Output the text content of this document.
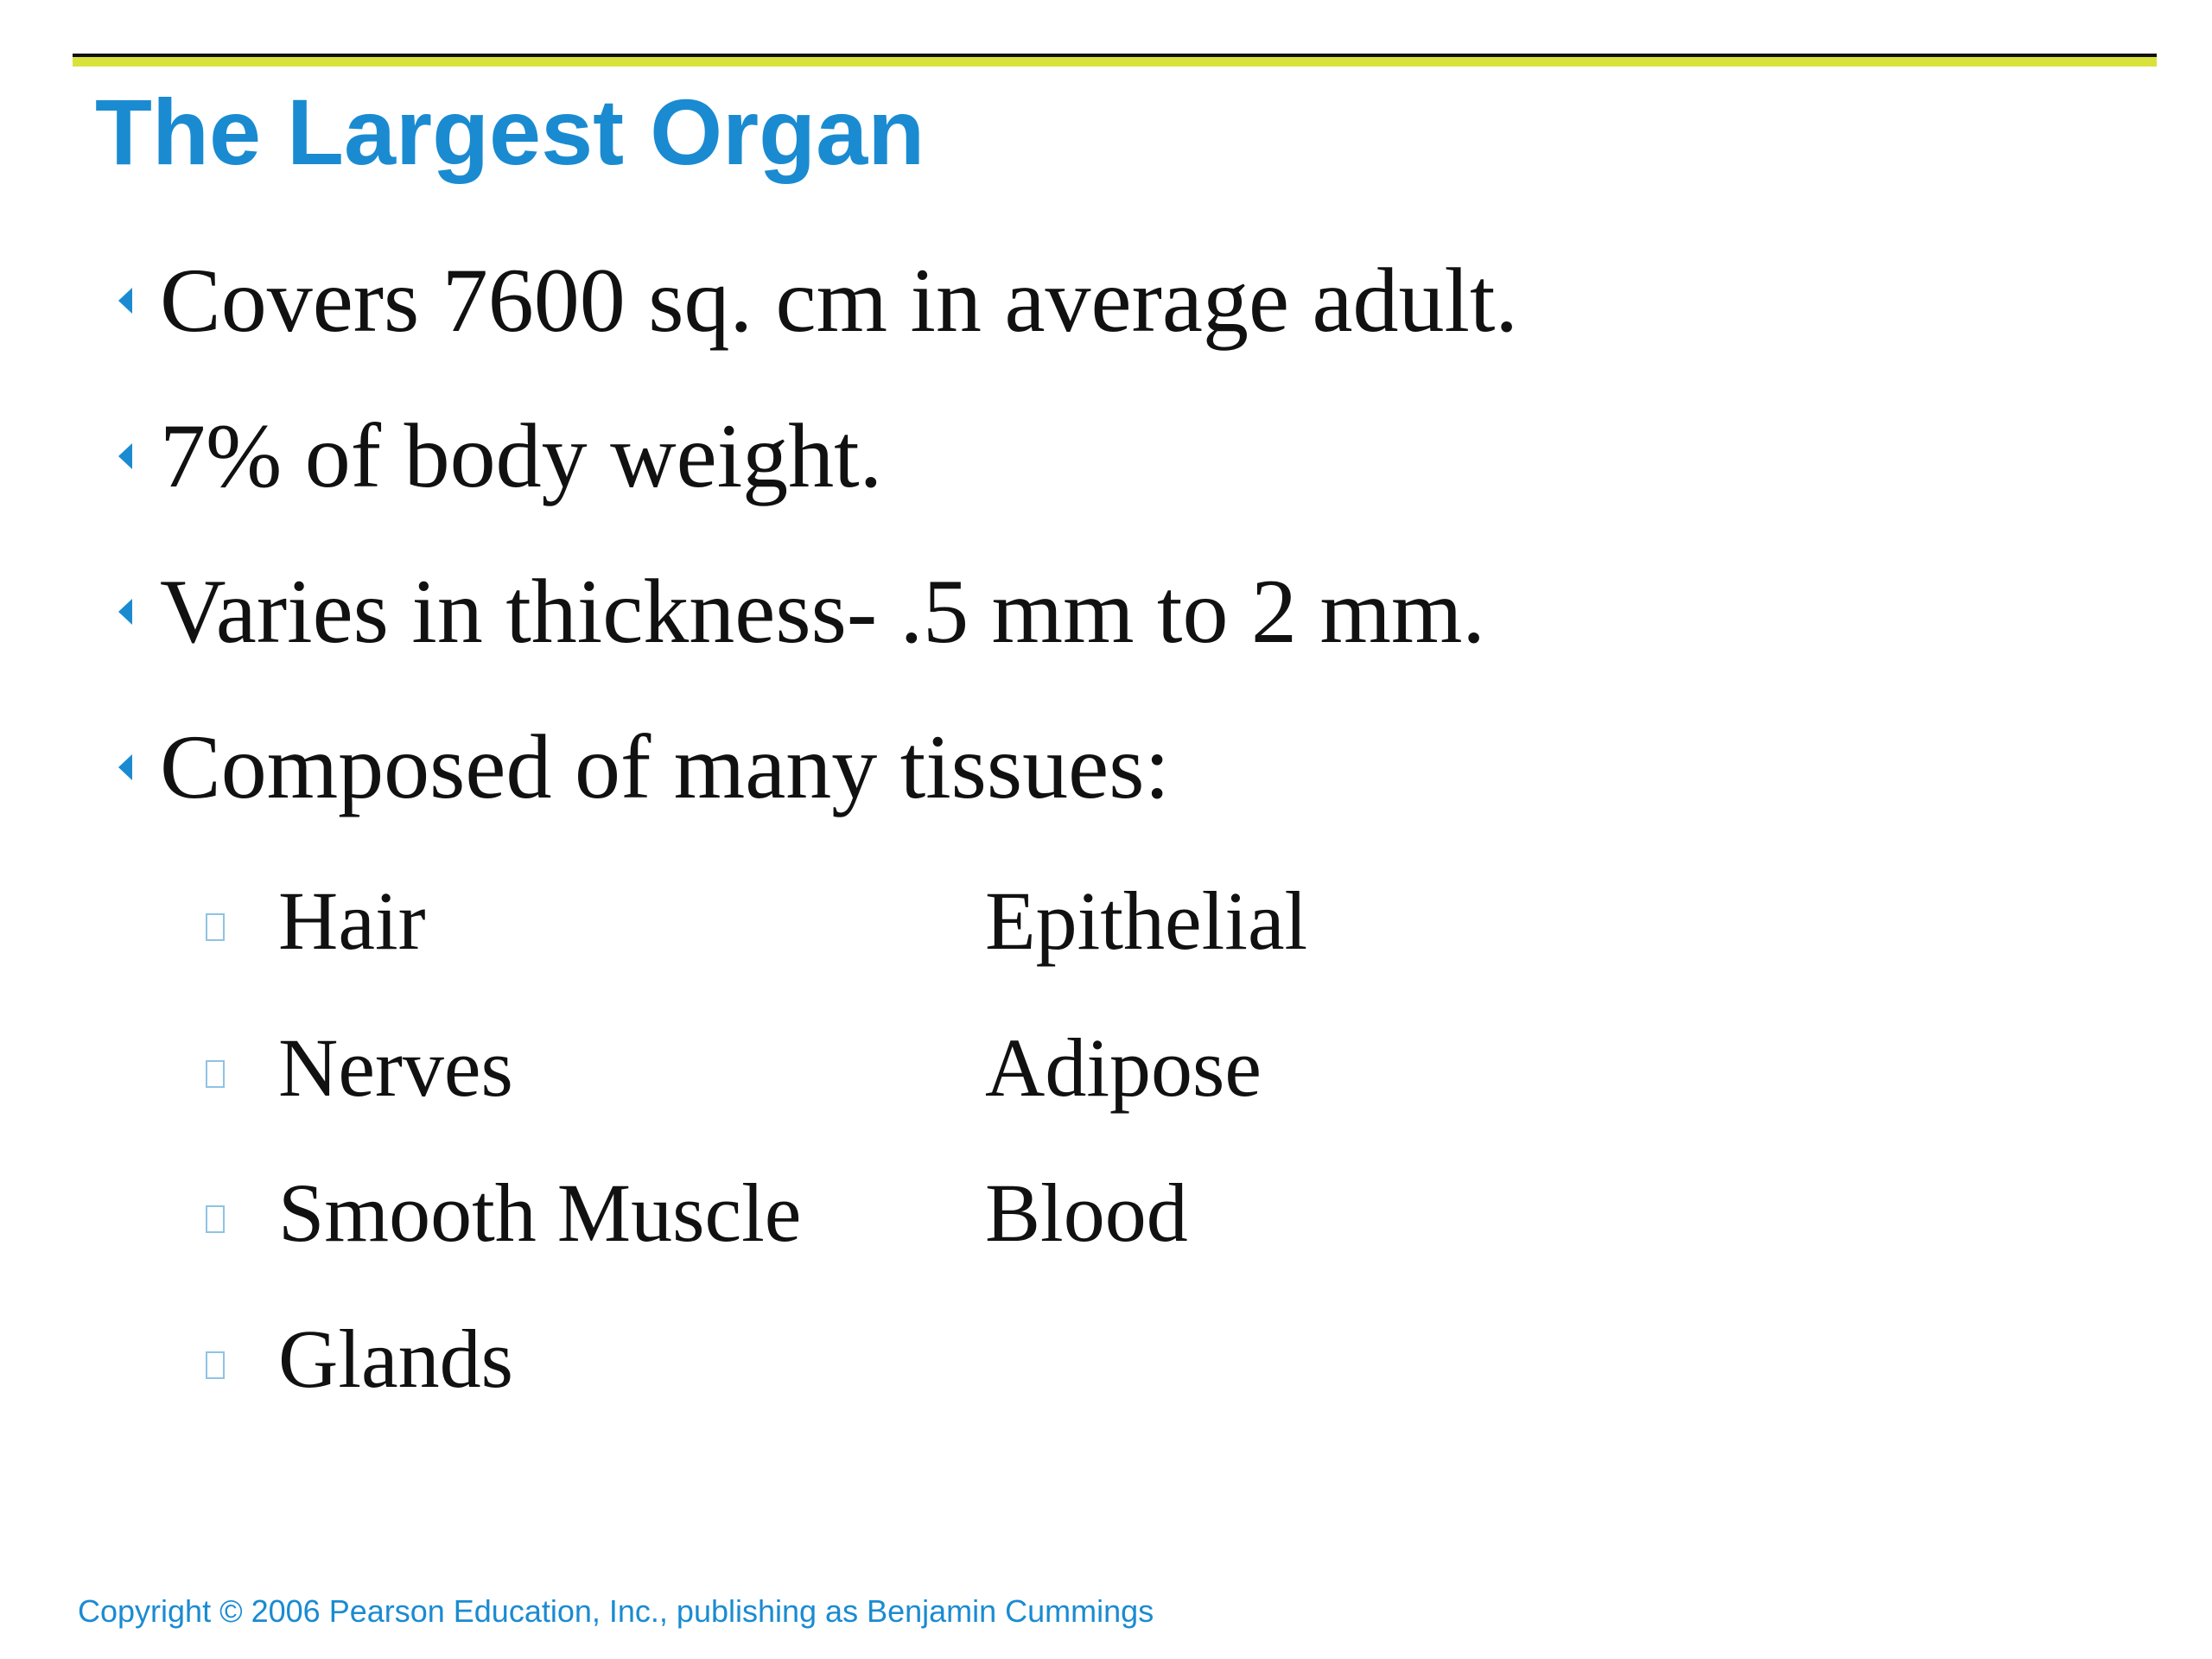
The Largest Organ
Covers 7600 sq. cm in average adult.
7% of body weight.
Varies in thickness- .5 mm to 2 mm.
Composed of many tissues:
Hair
Nerves
Smooth Muscle
Glands
Epithelial
Adipose
Blood
Copyright © 2006 Pearson Education, Inc., publishing as Benjamin Cummings
